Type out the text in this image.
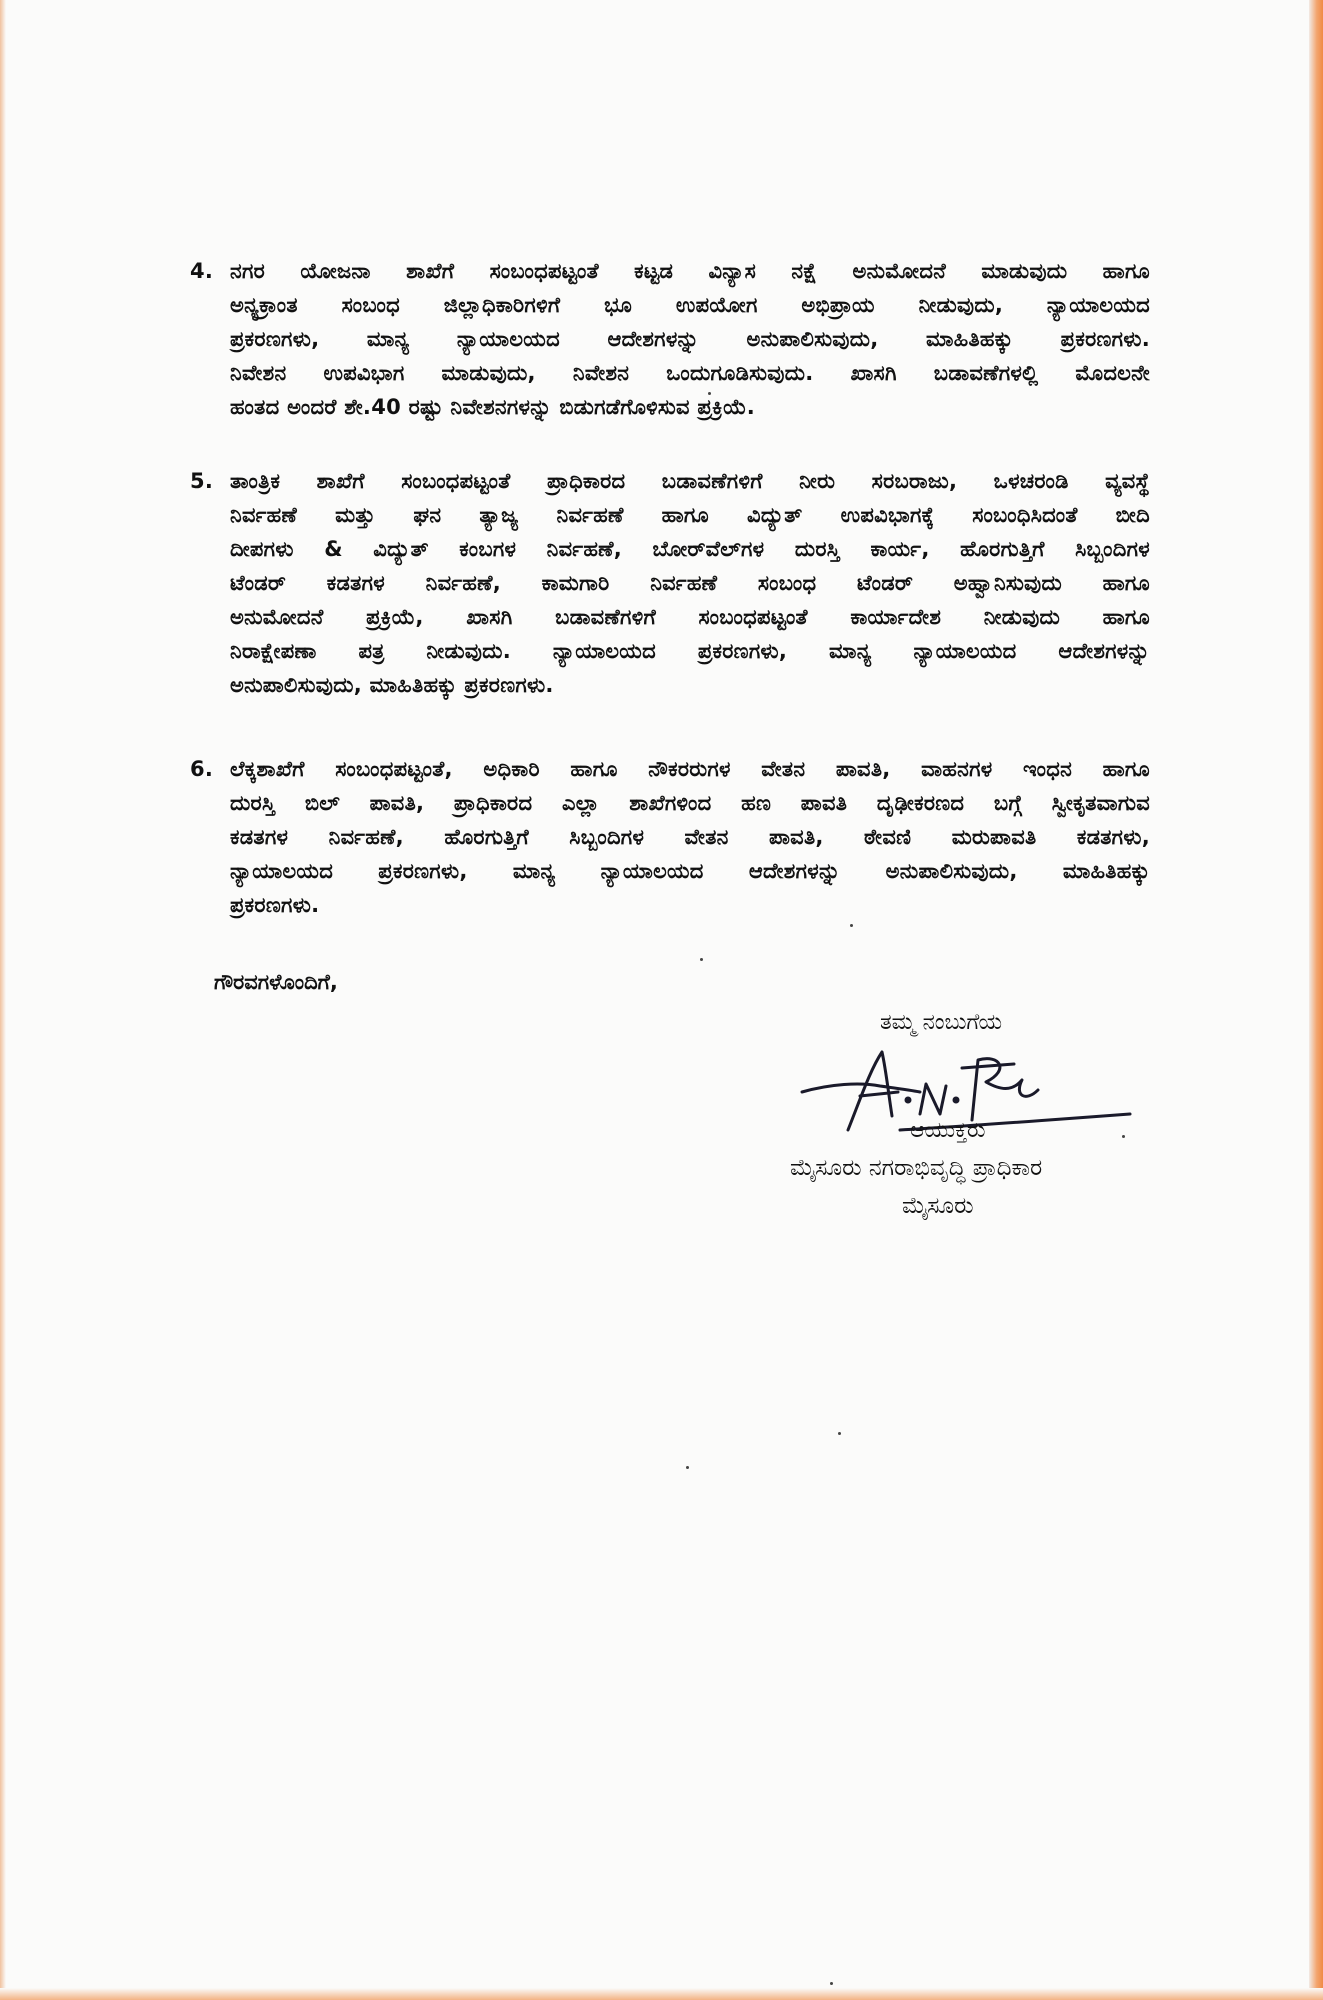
4. ನಗರ ಯೋಜನಾ ಶಾಖೆಗೆ ಸಂಬಂಧಪಟ್ಟಂತೆ ಕಟ್ಟಡ ವಿನ್ಯಾಸ ನಕ್ಷೆ ಅನುಮೋದನೆ ಮಾಡುವುದು ಹಾಗೂ
ಅನ್ಯಕ್ರಾಂತ ಸಂಬಂಧ ಜಿಲ್ಲಾಧಿಕಾರಿಗಳಿಗೆ ಭೂ ಉಪಯೋಗ ಅಭಿಪ್ರಾಯ ನೀಡುವುದು, ನ್ಯಾಯಾಲಯದ
ಪ್ರಕರಣಗಳು, ಮಾನ್ಯ ನ್ಯಾಯಾಲಯದ ಆದೇಶಗಳನ್ನು ಅನುಪಾಲಿಸುವುದು, ಮಾಹಿತಿಹಕ್ಕು ಪ್ರಕರಣಗಳು.
ನಿವೇಶನ ಉಪವಿಭಾಗ ಮಾಡುವುದು, ನಿವೇಶನ ಒಂದುಗೂಡಿಸುವುದು. ಖಾಸಗಿ ಬಡಾವಣೆಗಳಲ್ಲಿ ಮೊದಲನೇ
ಹಂತದ ಅಂದರೆ ಶೇ.40 ರಷ್ಟು ನಿವೇಶನಗಳನ್ನು ಬಿಡುಗಡೆಗೊಳಿಸುವ ಪ್ರಕ್ರಿಯೆ.
5. ತಾಂತ್ರಿಕ ಶಾಖೆಗೆ ಸಂಬಂಧಪಟ್ಟಂತೆ ಪ್ರಾಧಿಕಾರದ ಬಡಾವಣೆಗಳಿಗೆ ನೀರು ಸರಬರಾಜು, ಒಳಚರಂಡಿ ವ್ಯವಸ್ಥೆ
ನಿರ್ವಹಣೆ ಮತ್ತು ಘನ ತ್ಯಾಜ್ಯ ನಿರ್ವಹಣೆ ಹಾಗೂ ವಿದ್ಯುತ್ ಉಪವಿಭಾಗಕ್ಕೆ ಸಂಬಂಧಿಸಿದಂತೆ ಬೀದಿ
ದೀಪಗಳು & ವಿದ್ಯುತ್ ಕಂಬಗಳ ನಿರ್ವಹಣೆ, ಬೋರ್‌ವೆಲ್‌ಗಳ ದುರಸ್ತಿ ಕಾರ್ಯ, ಹೊರಗುತ್ತಿಗೆ ಸಿಬ್ಬಂದಿಗಳ
ಟೆಂಡರ್ ಕಡತಗಳ ನಿರ್ವಹಣೆ, ಕಾಮಗಾರಿ ನಿರ್ವಹಣೆ ಸಂಬಂಧ ಟೆಂಡರ್ ಅಹ್ವಾನಿಸುವುದು ಹಾಗೂ
ಅನುಮೋದನೆ ಪ್ರಕ್ರಿಯೆ, ಖಾಸಗಿ ಬಡಾವಣೆಗಳಿಗೆ ಸಂಬಂಧಪಟ್ಟಂತೆ ಕಾರ್ಯಾದೇಶ ನೀಡುವುದು ಹಾಗೂ
ನಿರಾಕ್ಷೇಪಣಾ ಪತ್ರ ನೀಡುವುದು. ನ್ಯಾಯಾಲಯದ ಪ್ರಕರಣಗಳು, ಮಾನ್ಯ ನ್ಯಾಯಾಲಯದ ಆದೇಶಗಳನ್ನು
ಅನುಪಾಲಿಸುವುದು, ಮಾಹಿತಿಹಕ್ಕು ಪ್ರಕರಣಗಳು.
6. ಲೆಕ್ಕಶಾಖೆಗೆ ಸಂಬಂಧಪಟ್ಟಂತೆ, ಅಧಿಕಾರಿ ಹಾಗೂ ನೌಕರರುಗಳ ವೇತನ ಪಾವತಿ, ವಾಹನಗಳ ಇಂಧನ ಹಾಗೂ
ದುರಸ್ತಿ ಬಿಲ್ ಪಾವತಿ, ಪ್ರಾಧಿಕಾರದ ಎಲ್ಲಾ ಶಾಖೆಗಳಿಂದ ಹಣ ಪಾವತಿ ದೃಢೀಕರಣದ ಬಗ್ಗೆ ಸ್ವೀಕೃತವಾಗುವ
ಕಡತಗಳ ನಿರ್ವಹಣೆ, ಹೊರಗುತ್ತಿಗೆ ಸಿಬ್ಬಂದಿಗಳ ವೇತನ ಪಾವತಿ, ಠೇವಣಿ ಮರುಪಾವತಿ ಕಡತಗಳು,
ನ್ಯಾಯಾಲಯದ ಪ್ರಕರಣಗಳು, ಮಾನ್ಯ ನ್ಯಾಯಾಲಯದ ಆದೇಶಗಳನ್ನು ಅನುಪಾಲಿಸುವುದು, ಮಾಹಿತಿಹಕ್ಕು
ಪ್ರಕರಣಗಳು.
ಗೌರವಗಳೊಂದಿಗೆ,
ತಮ್ಮ ನಂಬುಗೆಯ
ಆಯುಕ್ತರು
ಮೈಸೂರು ನಗರಾಭಿವೃದ್ಧಿ ಪ್ರಾಧಿಕಾರ
ಮೈಸೂರು
